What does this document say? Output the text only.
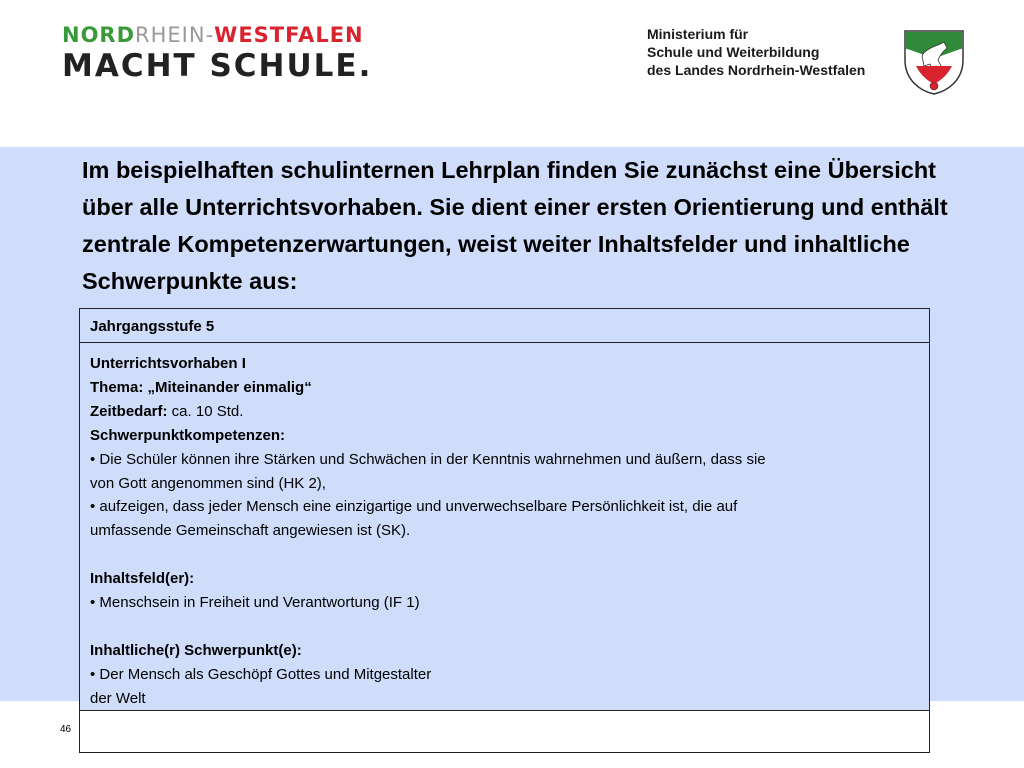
NORDRHEIN-WESTFALEN
MACHT SCHULE.
Ministerium für
Schule und Weiterbildung
des Landes Nordrhein-Westfalen
Im beispielhaften schulinternen Lehrplan finden Sie zunächst eine Übersicht über alle Unterrichtsvorhaben. Sie dient einer ersten Orientierung und enthält zentrale Kompetenzerwartungen, weist weiter Inhaltsfelder und inhaltliche Schwerpunkte aus:
Jahrgangsstufe 5
Unterrichtsvorhaben I
Thema: „Miteinander einmalig“
Zeitbedarf: ca. 10 Std.
Schwerpunktkompetenzen:
• Die Schüler können ihre Stärken und Schwächen in der Kenntnis wahrnehmen und äußern, dass sie
von Gott angenommen sind (HK 2),
• aufzeigen, dass jeder Mensch eine einzigartige und unverwechselbare Persönlichkeit ist, die auf
umfassende Gemeinschaft angewiesen ist (SK).
Inhaltsfeld(er):
• Menschsein in Freiheit und Verantwortung (IF 1)
Inhaltliche(r) Schwerpunkt(e):
• Der Mensch als Geschöpf Gottes und Mitgestalter
der Welt
46
